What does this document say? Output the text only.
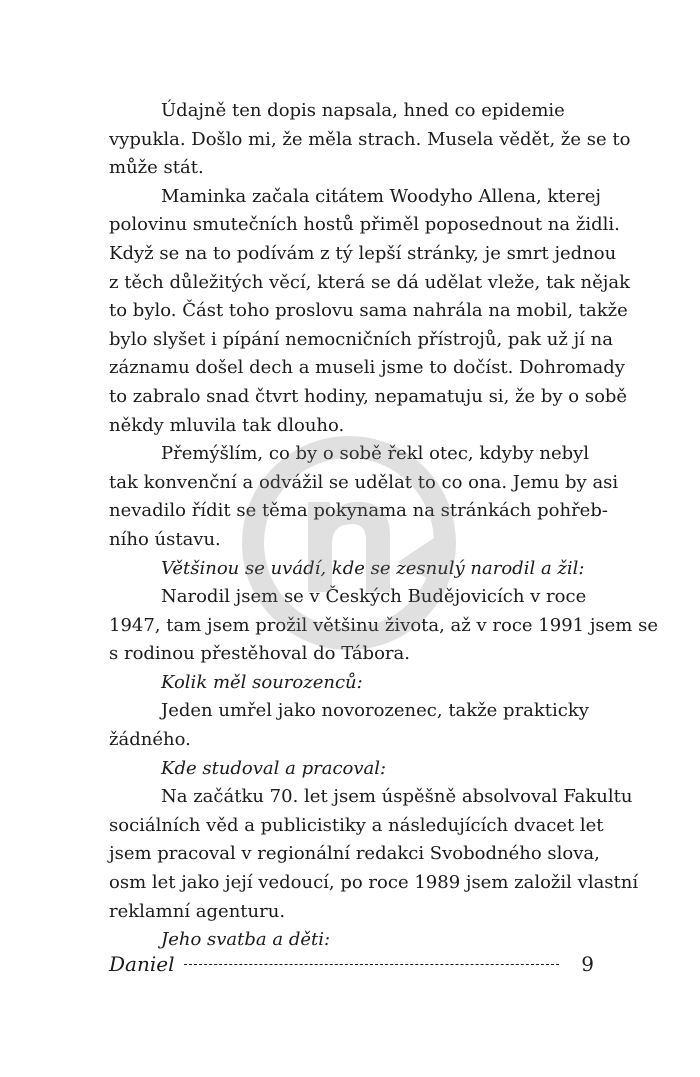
Údajně ten dopis napsala, hned co epidemie
vypukla. Došlo mi, že měla strach. Musela vědět, že se to
může stát.
Maminka začala citátem Woodyho Allena, kterej
polovinu smutečních hostů přiměl poposednout na židli.
Když se na to podívám z tý lepší stránky, je smrt jednou
z těch důležitých věcí, která se dá udělat vleže, tak nějak
to bylo. Část toho proslovu sama nahrála na mobil, takže
bylo slyšet i pípání nemocničních přístrojů, pak už jí na
záznamu došel dech a museli jsme to dočíst. Dohromady
to zabralo snad čtvrt hodiny, nepamatuju si, že by o sobě
někdy mluvila tak dlouho.
Přemýšlím, co by o sobě řekl otec, kdyby nebyl
tak konvenční a odvážil se udělat to co ona. Jemu by asi
nevadilo řídit se těma pokynama na stránkách pohřeb-
ního ústavu.
Většinou se uvádí, kde se zesnulý narodil a žil:
Narodil jsem se v Českých Budějovicích v roce
1947, tam jsem prožil většinu života, až v roce 1991 jsem se
s rodinou přestěhoval do Tábora.
Kolik měl sourozenců:
Jeden umřel jako novorozenec, takže prakticky
žádného.
Kde studoval a pracoval:
Na začátku 70. let jsem úspěšně absolvoval Fakultu
sociálních věd a publicistiky a následujících dvacet let
jsem pracoval v regionální redakci Svobodného slova,
osm let jako její vedoucí, po roce 1989 jsem založil vlastní
reklamní agenturu.
Jeho svatba a děti:
Daniel	9
